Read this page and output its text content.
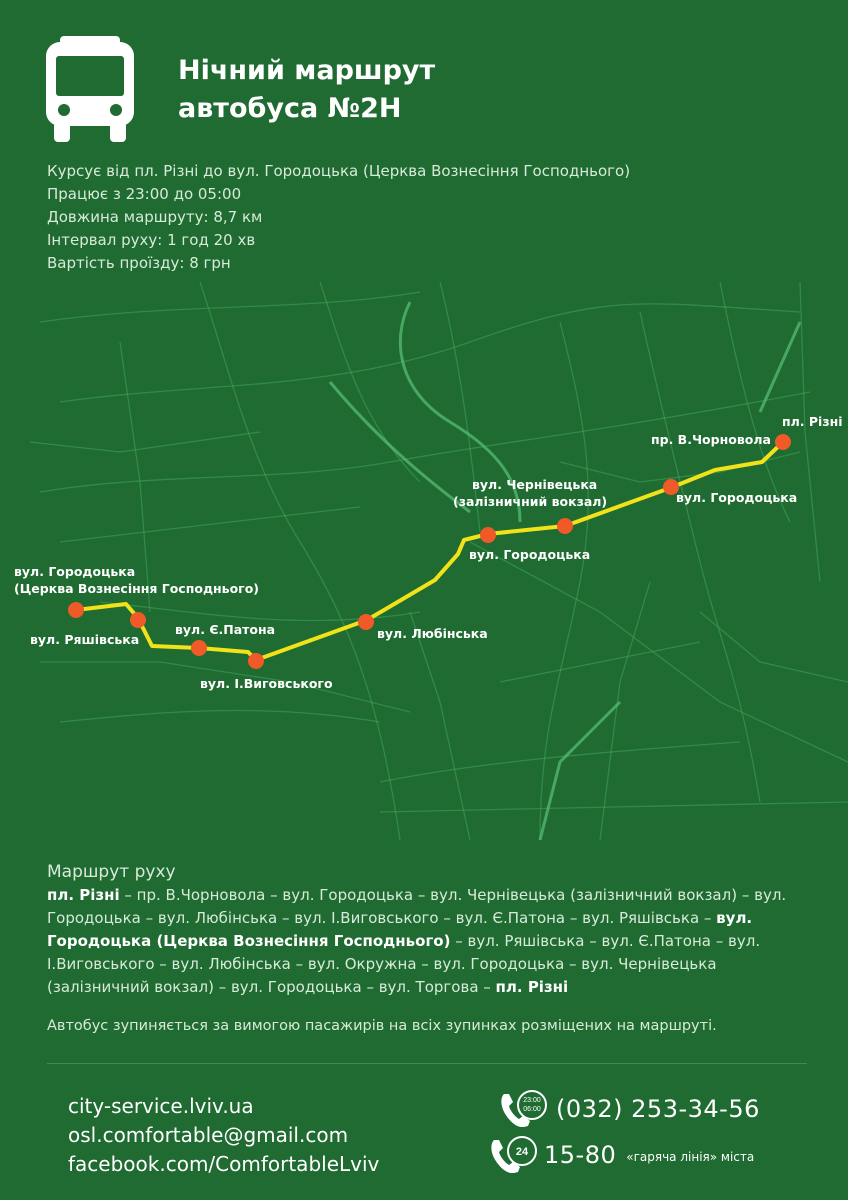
Нічний маршрут
автобуса №2Н
Курсує від пл. Різні до вул. Городоцька (Церква Вознесіння Господнього)
Працює з 23:00 до 05:00
Довжина маршруту: 8,7 км
Інтервал руху: 1 год 20 хв
Вартість проїзду: 8 грн
пл. Різні
пр. В.Чорновола
вул. Городоцька
вул. Чернівецька
(залізничний вокзал)
вул. Городоцька
вул. Любінська
вул. І.Виговського
вул. Є.Патона
вул. Ряшівська
вул. Городоцька
(Церква Вознесіння Господнього)
Маршрут руху
пл. Різні – пр. В.Чорновола – вул. Городоцька – вул. Чернівецька (залізничний вокзал) – вул. Городоцька – вул. Любінська – вул. І.Виговського – вул. Є.Патона – вул. Ряшівська – вул. Городоцька (Церква Вознесіння Господнього) – вул. Ряшівська – вул. Є.Патона – вул. І.Виговського – вул. Любінська – вул. Окружна – вул. Городоцька – вул. Чернівецька (залізничний вокзал) – вул. Городоцька – вул. Торгова – пл. Різні
Автобус зупиняється за вимогою пасажирів на всіх зупинках розміщених на маршруті.
city-service.lviv.ua
osl.comfortable@gmail.com
facebook.com/ComfortableLviv
23:00
06:00 (032) 253-34-56
24 15-80 «гаряча лінія» міста
